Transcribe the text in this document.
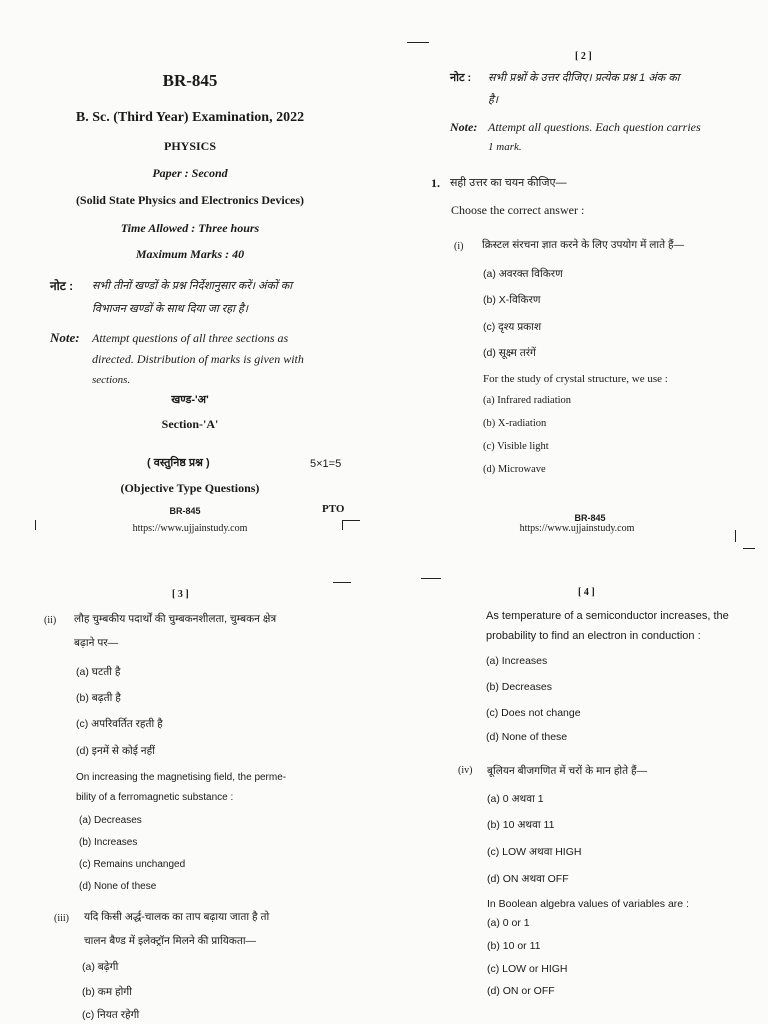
BR-845
B. Sc. (Third Year) Examination, 2022
PHYSICS
Paper : Second
(Solid State Physics and Electronics Devices)
Time Allowed : Three hours
Maximum Marks : 40
नोट : सभी तीनों खण्डों के प्रश्न निर्देशानुसार करें। अंकों का
विभाजन खण्डों के साथ दिया जा रहा है।
Note: Attempt questions of all three sections as
directed. Distribution of marks is given with
sections.
खण्ड-'अ'
Section-'A'
( वस्तुनिष्ठ प्रश्न )	5×1=5
(Objective Type Questions)
BR-845	PTO
https://www.ujjainstudy.com
[ 2 ]
नोट : सभी प्रश्नों के उत्तर दीजिए। प्रत्येक प्रश्न 1 अंक का
है।
Note: Attempt all questions. Each question carries
1 mark.
1. सही उत्तर का चयन कीजिए—
Choose the correct answer :
(i) क्रिस्टल संरचना ज्ञात करने के लिए उपयोग में लाते हैं—
(a) अवरक्त विकिरण
(b) X-विकिरण
(c) दृश्य प्रकाश
(d) सूक्ष्म तरंगें
For the study of crystal structure, we use :
(a) Infrared radiation
(b) X-radiation
(c) Visible light
(d) Microwave
BR-845
https://www.ujjainstudy.com
[ 3 ]
(ii) लौह चुम्बकीय पदार्थों की चुम्बकनशीलता, चुम्बकन क्षेत्र
बढ़ाने पर—
(a) घटती है
(b) बढ़ती है
(c) अपरिवर्तित रहती है
(d) इनमें से कोई नहीं
On increasing the magnetising field, the perme-
bility of a ferromagnetic substance :
(a) Decreases
(b) Increases
(c) Remains unchanged
(d) None of these
(iii) यदि किसी अर्द्ध-चालक का ताप बढ़ाया जाता है तो
चालन बैण्ड में इलेक्ट्रॉन मिलने की प्रायिकता—
(a) बढ़ेगी
(b) कम होगी
(c) नियत रहेगी
[ 4 ]
As temperature of a semiconductor increases, the
probability to find an electron in conduction :
(a) Increases
(b) Decreases
(c) Does not change
(d) None of these
(iv) बूलियन बीजगणित में चरों के मान होते हैं—
(a) 0 अथवा 1
(b) 10 अथवा 11
(c) LOW अथवा HIGH
(d) ON अथवा OFF
In Boolean algebra values of variables are :
(a) 0 or 1
(b) 10 or 11
(c) LOW or HIGH
(d) ON or OFF
